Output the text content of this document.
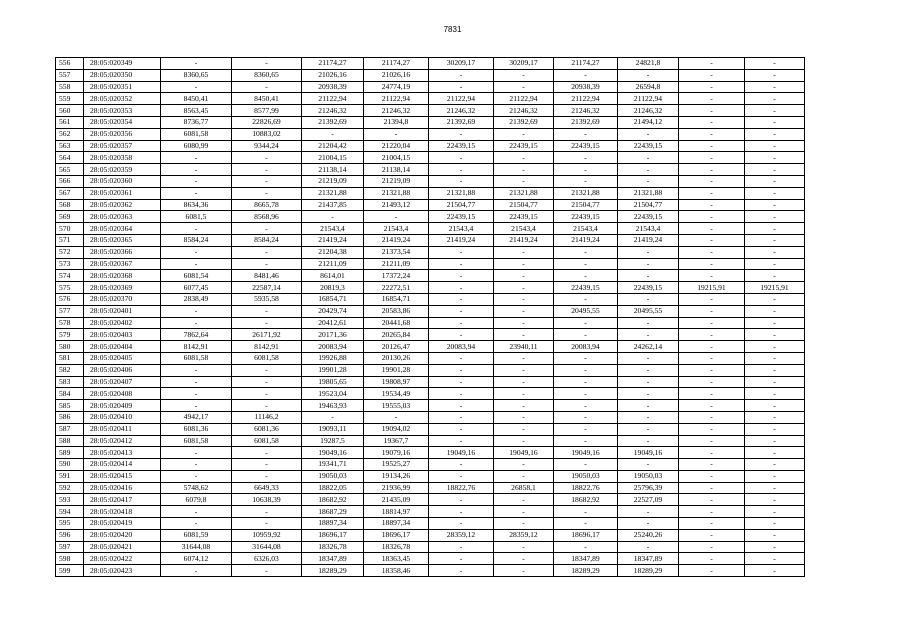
7831
556	28:05:020349	-	-	21174,27	21174,27	30209,17	30209,17	21174,27	24821,8	-	-
557	28:05:020350	8360,65	8360,65	21026,16	21026,16	-	-	-	-	-	-
558	28:05:020351	-	-	20938,39	24774,19	-	-	20938,39	26594,8	-	-
559	28:05:020352	8450,41	8450,41	21122,94	21122,94	21122,94	21122,94	21122,94	21122,94	-	-
560	28:05:020353	8563,45	8577,99	21246,32	21246,32	21246,32	21246,32	21246,32	21246,32	-	-
561	28:05:020354	8736,77	22826,69	21392,69	21394,8	21392,69	21392,69	21392,69	21494,12	-	-
562	28:05:020356	6081,58	10883,02	-	-	-	-	-	-	-	-
563	28:05:020357	6080,99	9344,24	21204,42	21220,04	22439,15	22439,15	22439,15	22439,15	-	-
564	28:05:020358	-	-	21004,15	21004,15	-	-	-	-	-	-
565	28:05:020359	-	-	21138,14	21138,14	-	-	-	-	-	-
566	28:05:020360	-	-	21219,09	21219,09	-	-	-	-	-	-
567	28:05:020361	-	-	21321,88	21321,88	21321,88	21321,88	21321,88	21321,88	-	-
568	28:05:020362	8634,36	8665,78	21437,85	21493,12	21504,77	21504,77	21504,77	21504,77	-	-
569	28:05:020363	6081,5	8568,96	-	-	22439,15	22439,15	22439,15	22439,15	-	-
570	28:05:020364	-	-	21543,4	21543,4	21543,4	21543,4	21543,4	21543,4	-	-
571	28:05:020365	8584,24	8584,24	21419,24	21419,24	21419,24	21419,24	21419,24	21419,24	-	-
572	28:05:020366	-	-	21204,38	21373,54	-	-	-	-	-	-
573	28:05:020367	-	-	21211,09	21211,09	-	-	-	-	-	-
574	28:05:020368	6081,54	8481,46	8614,01	17372,24	-	-	-	-	-	-
575	28:05:020369	6077,45	22587,14	20819,3	22272,51	-	-	22439,15	22439,15	19215,91	19215,91
576	28:05:020370	2838,49	5935,58	16854,71	16854,71	-	-	-	-	-	-
577	28:05:020401	-	-	20429,74	20583,86	-	-	20495,55	20495,55	-	-
578	28:05:020402	-	-	20412,61	20441,68	-	-	-	-	-	-
579	28:05:020403	7862,64	26171,92	20171,36	20265,84	-	-	-	-	-	-
580	28:05:020404	8142,91	8142,91	20083,94	20126,47	20083,94	23940,11	20083,94	24262,14	-	-
581	28:05:020405	6081,58	6081,58	19926,88	20130,26	-	-	-	-	-	-
582	28:05:020406	-	-	19901,28	19901,28	-	-	-	-	-	-
583	28:05:020407	-	-	19805,65	19808,97	-	-	-	-	-	-
584	28:05:020408	-	-	19523,04	19534,49	-	-	-	-	-	-
585	28:05:020409	-	-	19463,93	19555,03	-	-	-	-	-	-
586	28:05:020410	4942,17	11146,2	-	-	-	-	-	-	-	-
587	28:05:020411	6081,36	6081,36	19093,11	19094,02	-	-	-	-	-	-
588	28:05:020412	6081,58	6081,58	19287,5	19367,7	-	-	-	-	-	-
589	28:05:020413	-	-	19049,16	19079,16	19049,16	19049,16	19049,16	19049,16	-	-
590	28:05:020414	-	-	19341,71	19525,27	-	-	-	-	-	-
591	28:05:020415	-	-	19050,03	19134,26	-	-	19050,03	19050,03	-	-
592	28:05:020416	5748,62	6649,33	18822,05	21936,99	18822,76	26858,1	18822,76	25796,39	-	-
593	28:05:020417	6079,8	10638,39	18682,92	21435,09	-	-	18682,92	22527,09	-	-
594	28:05:020418	-	-	18687,29	18814,97	-	-	-	-	-	-
595	28:05:020419	-	-	18897,34	18897,34	-	-	-	-	-	-
596	28:05:020420	6081,59	10959,92	18696,17	18696,17	28359,12	28359,12	18696,17	25240,26	-	-
597	28:05:020421	31644,08	31644,08	18326,78	18326,78	-	-	-	-	-	-
598	28:05:020422	6074,12	6326,03	18347,89	18363,45	-	-	18347,89	18347,89	-	-
599	28:05:020423	-	-	18289,29	18358,46	-	-	18289,29	18289,29	-	-
